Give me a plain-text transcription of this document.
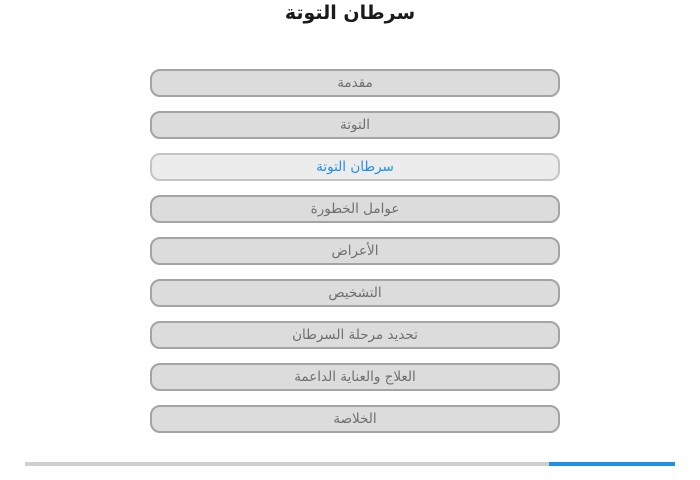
سرطان التوتة
مقدمة
التوتة
سرطان التوتة
عوامل الخطورة
الأعراض
التشخيص
تحديد مرحلة السرطان
العلاج والعناية الداعمة
الخلاصة
